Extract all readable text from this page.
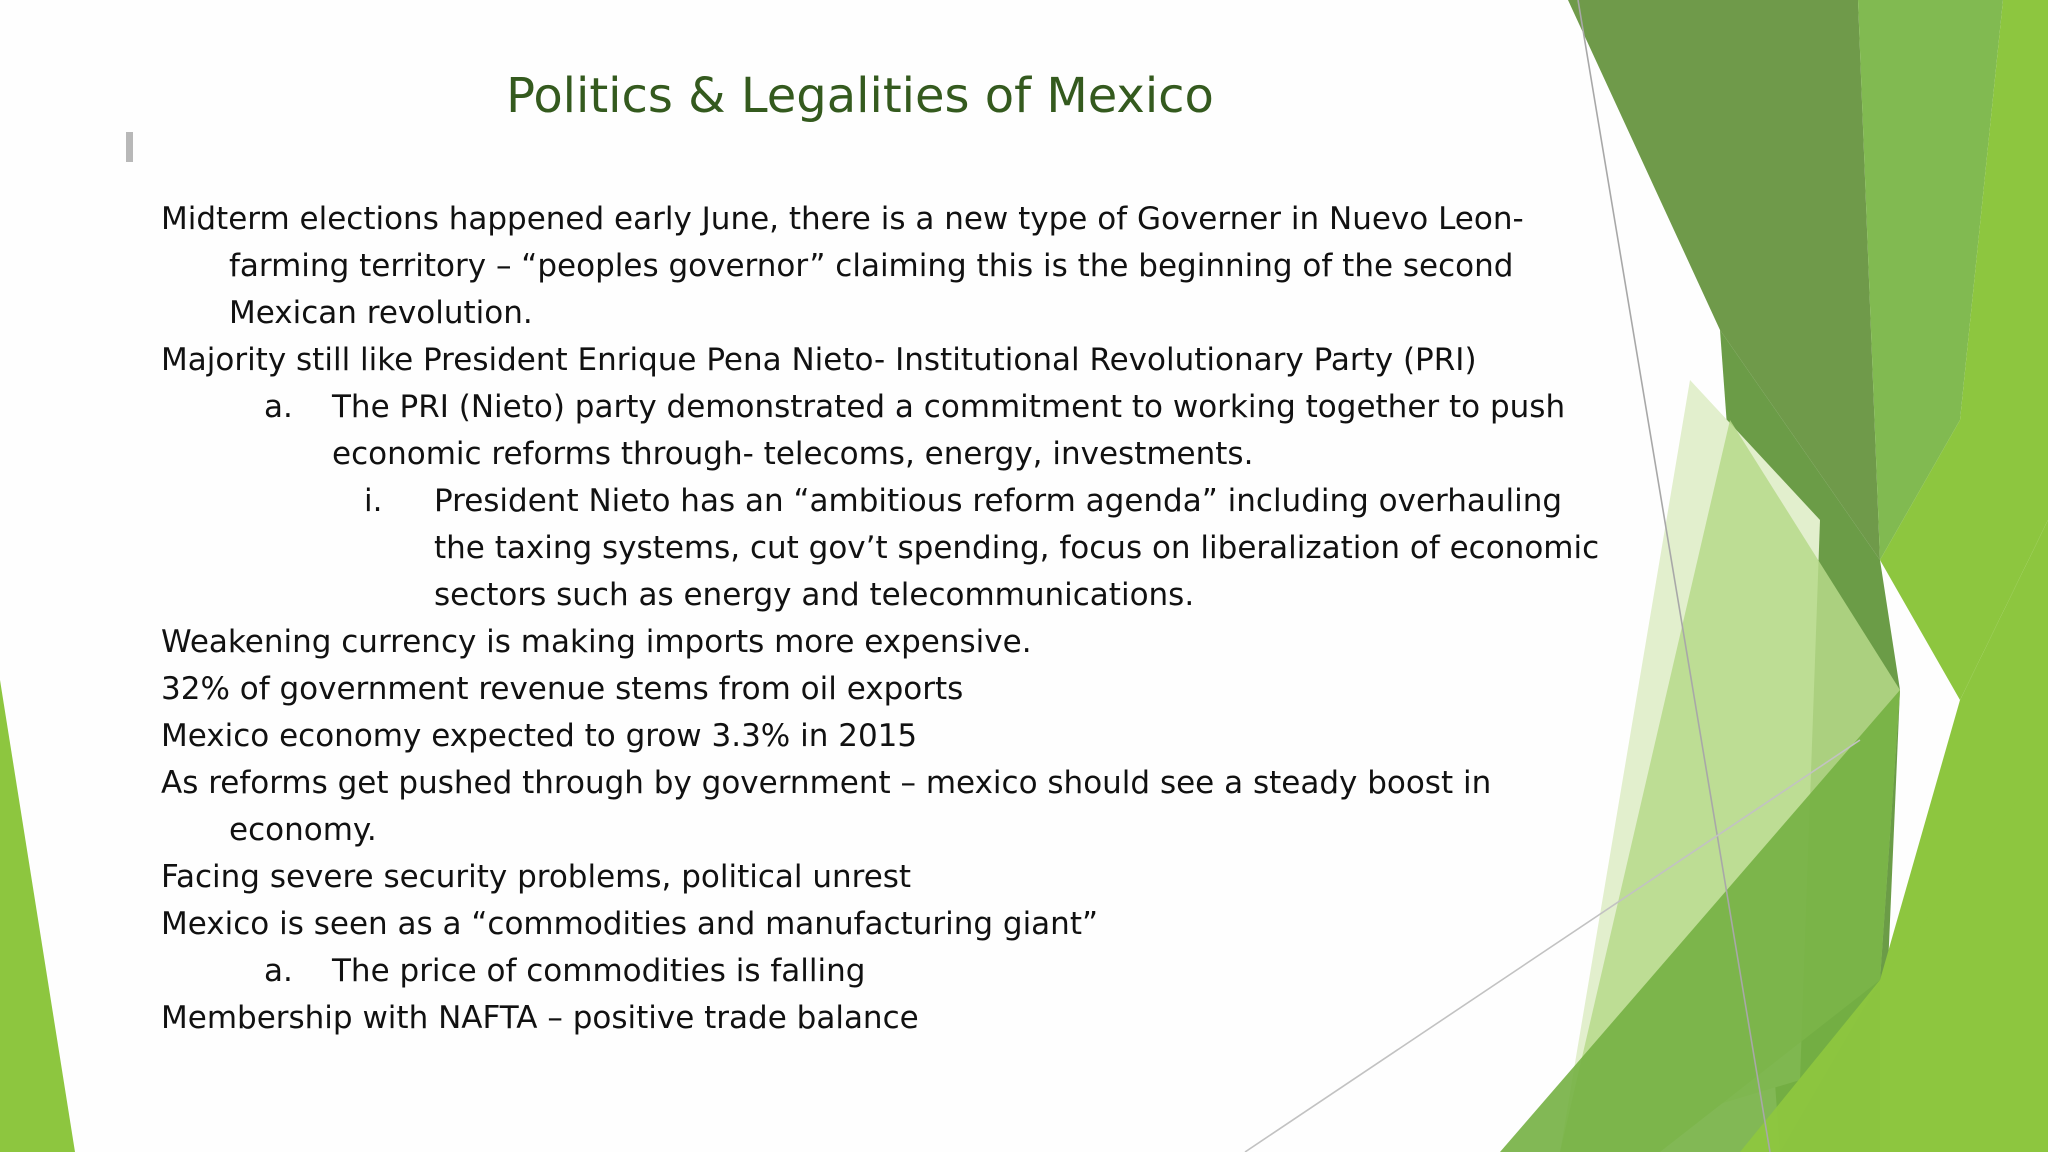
Politics & Legalities of Mexico
Midterm elections happened early June, there is a new type of Governer in Nuevo Leon-
farming territory – “peoples governor” claiming this is the beginning of the second
Mexican revolution.
Majority still like President Enrique Pena Nieto- Institutional Revolutionary Party (PRI)
a. The PRI (Nieto) party demonstrated a commitment to working together to push
economic reforms through- telecoms, energy, investments.
i. President Nieto has an “ambitious reform agenda” including overhauling
the taxing systems, cut gov’t spending, focus on liberalization of economic
sectors such as energy and telecommunications.
Weakening currency is making imports more expensive.
32% of government revenue stems from oil exports
Mexico economy expected to grow 3.3% in 2015
As reforms get pushed through by government – mexico should see a steady boost in
economy.
Facing severe security problems, political unrest
Mexico is seen as a “commodities and manufacturing giant”
a. The price of commodities is falling
Membership with NAFTA – positive trade balance
